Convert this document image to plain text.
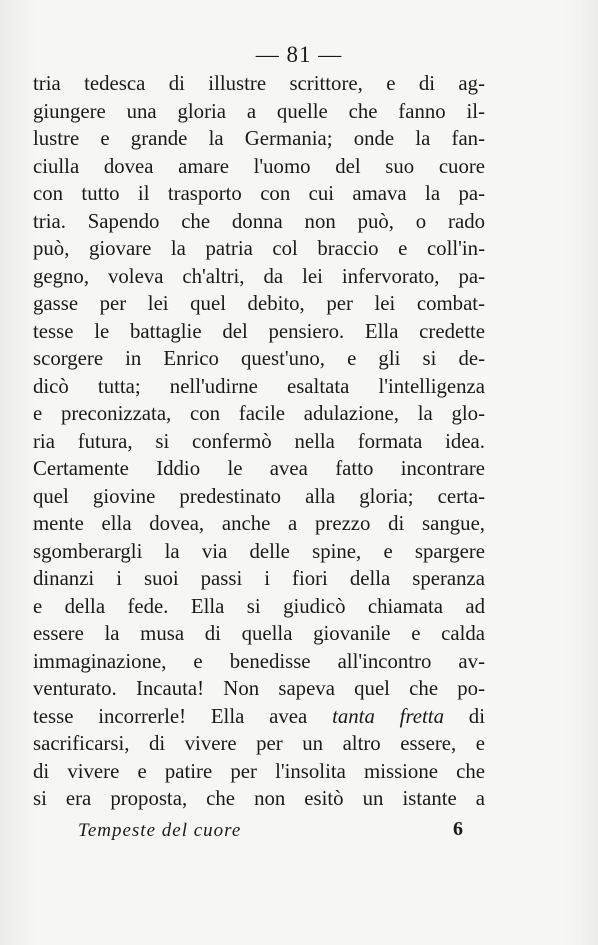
— 81 —
tria tedesca di illustre scrittore, e di ag-
giungere una gloria a quelle che fanno il-
lustre e grande la Germania; onde la fan-
ciulla dovea amare l'uomo del suo cuore
con tutto il trasporto con cui amava la pa-
tria. Sapendo che donna non può, o rado
può, giovare la patria col braccio e coll'in-
gegno, voleva ch'altri, da lei infervorato, pa-
gasse per lei quel debito, per lei combat-
tesse le battaglie del pensiero. Ella credette
scorgere in Enrico quest'uno, e gli si de-
dicò tutta; nell'udirne esaltata l'intelligenza
e preconizzata, con facile adulazione, la glo-
ria futura, si confermò nella formata idea.
Certamente Iddio le avea fatto incontrare
quel giovine predestinato alla gloria; certa-
mente ella dovea, anche a prezzo di sangue,
sgomberargli la via delle spine, e spargere
dinanzi i suoi passi i fiori della speranza
e della fede. Ella si giudicò chiamata ad
essere la musa di quella giovanile e calda
immaginazione, e benedisse all'incontro av-
venturato. Incauta! Non sapeva quel che po-
tesse incorrerle! Ella avea tanta fretta di
sacrificarsi, di vivere per un altro essere, e
di vivere e patire per l'insolita missione che
si era proposta, che non esitò un istante a
Tempeste del cuore	6
